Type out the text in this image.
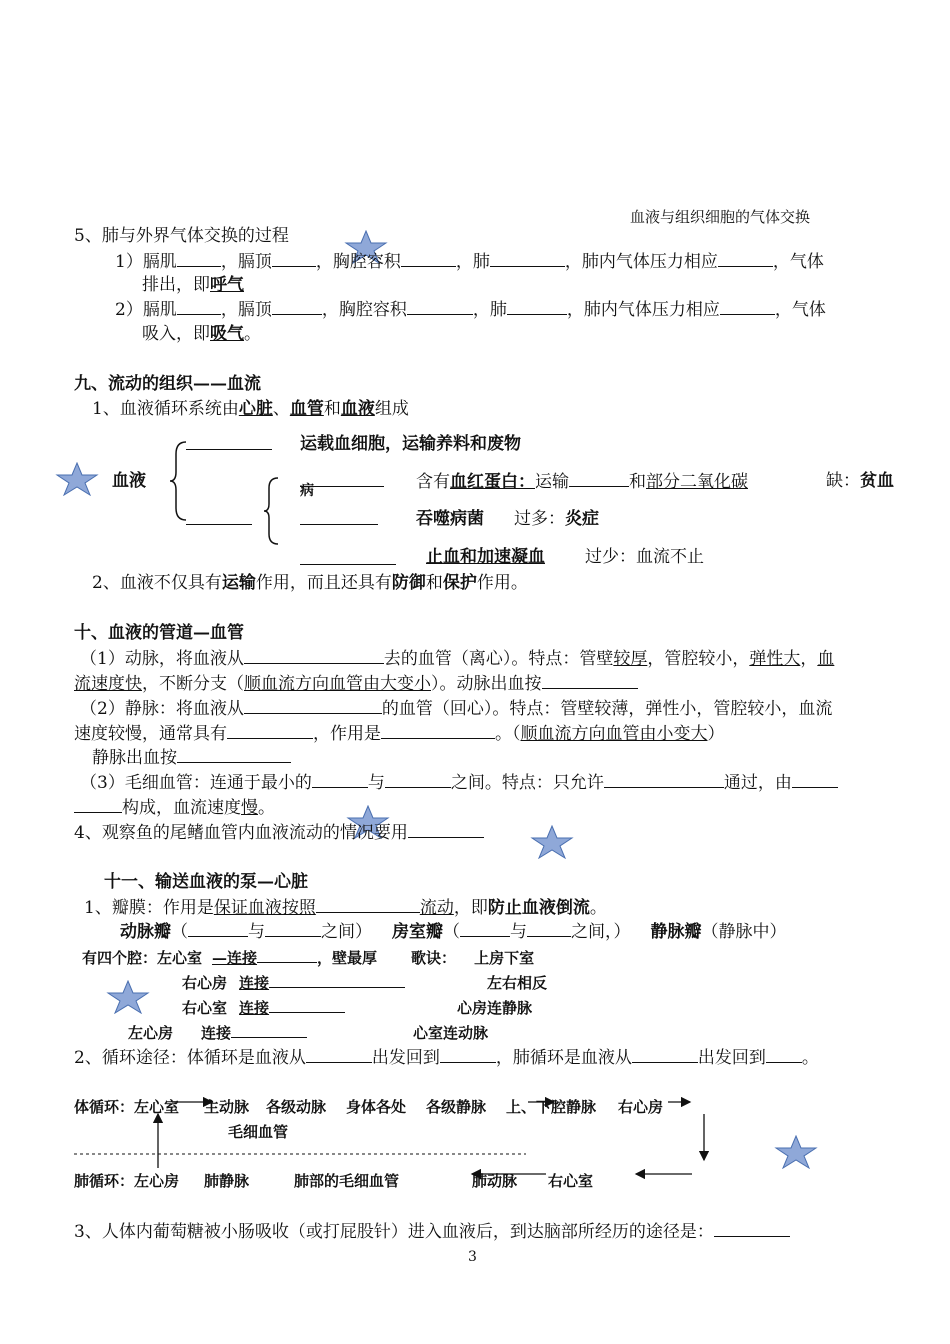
血液与组织细胞的气体交换
5、肺与外界气体交换的过程
1）膈肌	，膈顶	，胸腔容积	，肺	，肺内气体压力相应	，气体
排出，即呼气
2）膈肌	，膈顶	，胸腔容积	，肺	，肺内气体压力相应	，气体
吸入，即吸气。
九、流动的组织——血流
1、血液循环系统由心脏、血管和血液组成
血液
运载血细胞，运输养料和废物
病	含有血红蛋白：运输	和部分二氧化碳	缺：贫血
吞噬病菌 过多：炎症
止血和加速凝血 过少：血流不止
2、血液不仅具有运输作用，而且还具有防御和保护作用。
十、血液的管道—血管
（1）动脉，将血液从	去的血管（离心）。特点：管壁较厚，管腔较小，弹性大，血
流速度快，不断分支（顺血流方向血管由大变小）。动脉出血按
（2）静脉：将血液从	的血管（回心）。特点：管壁较薄，弹性小，管腔较小，血流
速度较慢，通常具有	，作用是	。（顺血流方向血管由小变大）
静脉出血按
（3）毛细血管：连通于最小的	与	之间。特点：只允许	通过，由
构成，血流速度慢。
4、观察鱼的尾鳍血管内血液流动的情况要用
十一、输送血液的泵—心脏
1、瓣膜：作用是保证血液按照	流动，即防止血液倒流。
动脉瓣（	与	之间） 房室瓣（	与	之间，） 静脉瓣（静脉中）
有四个腔：左心室 —连接	，壁最厚 歌诀： 上房下室
右心房 连接	左右相反
右心室 连接	心房连静脉
左心房 连接	心室连动脉
2、循环途径：体循环是血液从	出发回到	，肺循环是血液从	出发回到 。
体循环：左心室 主动脉 各级动脉 身体各处 各级静脉 上、下腔静脉 右心房
毛细血管
肺循环：左心房 肺静脉	肺部的毛细血管	肺动脉 右心室
3、人体内葡萄糖被小肠吸收（或打屁股针）进入血液后，到达脑部所经历的途径是：
3
